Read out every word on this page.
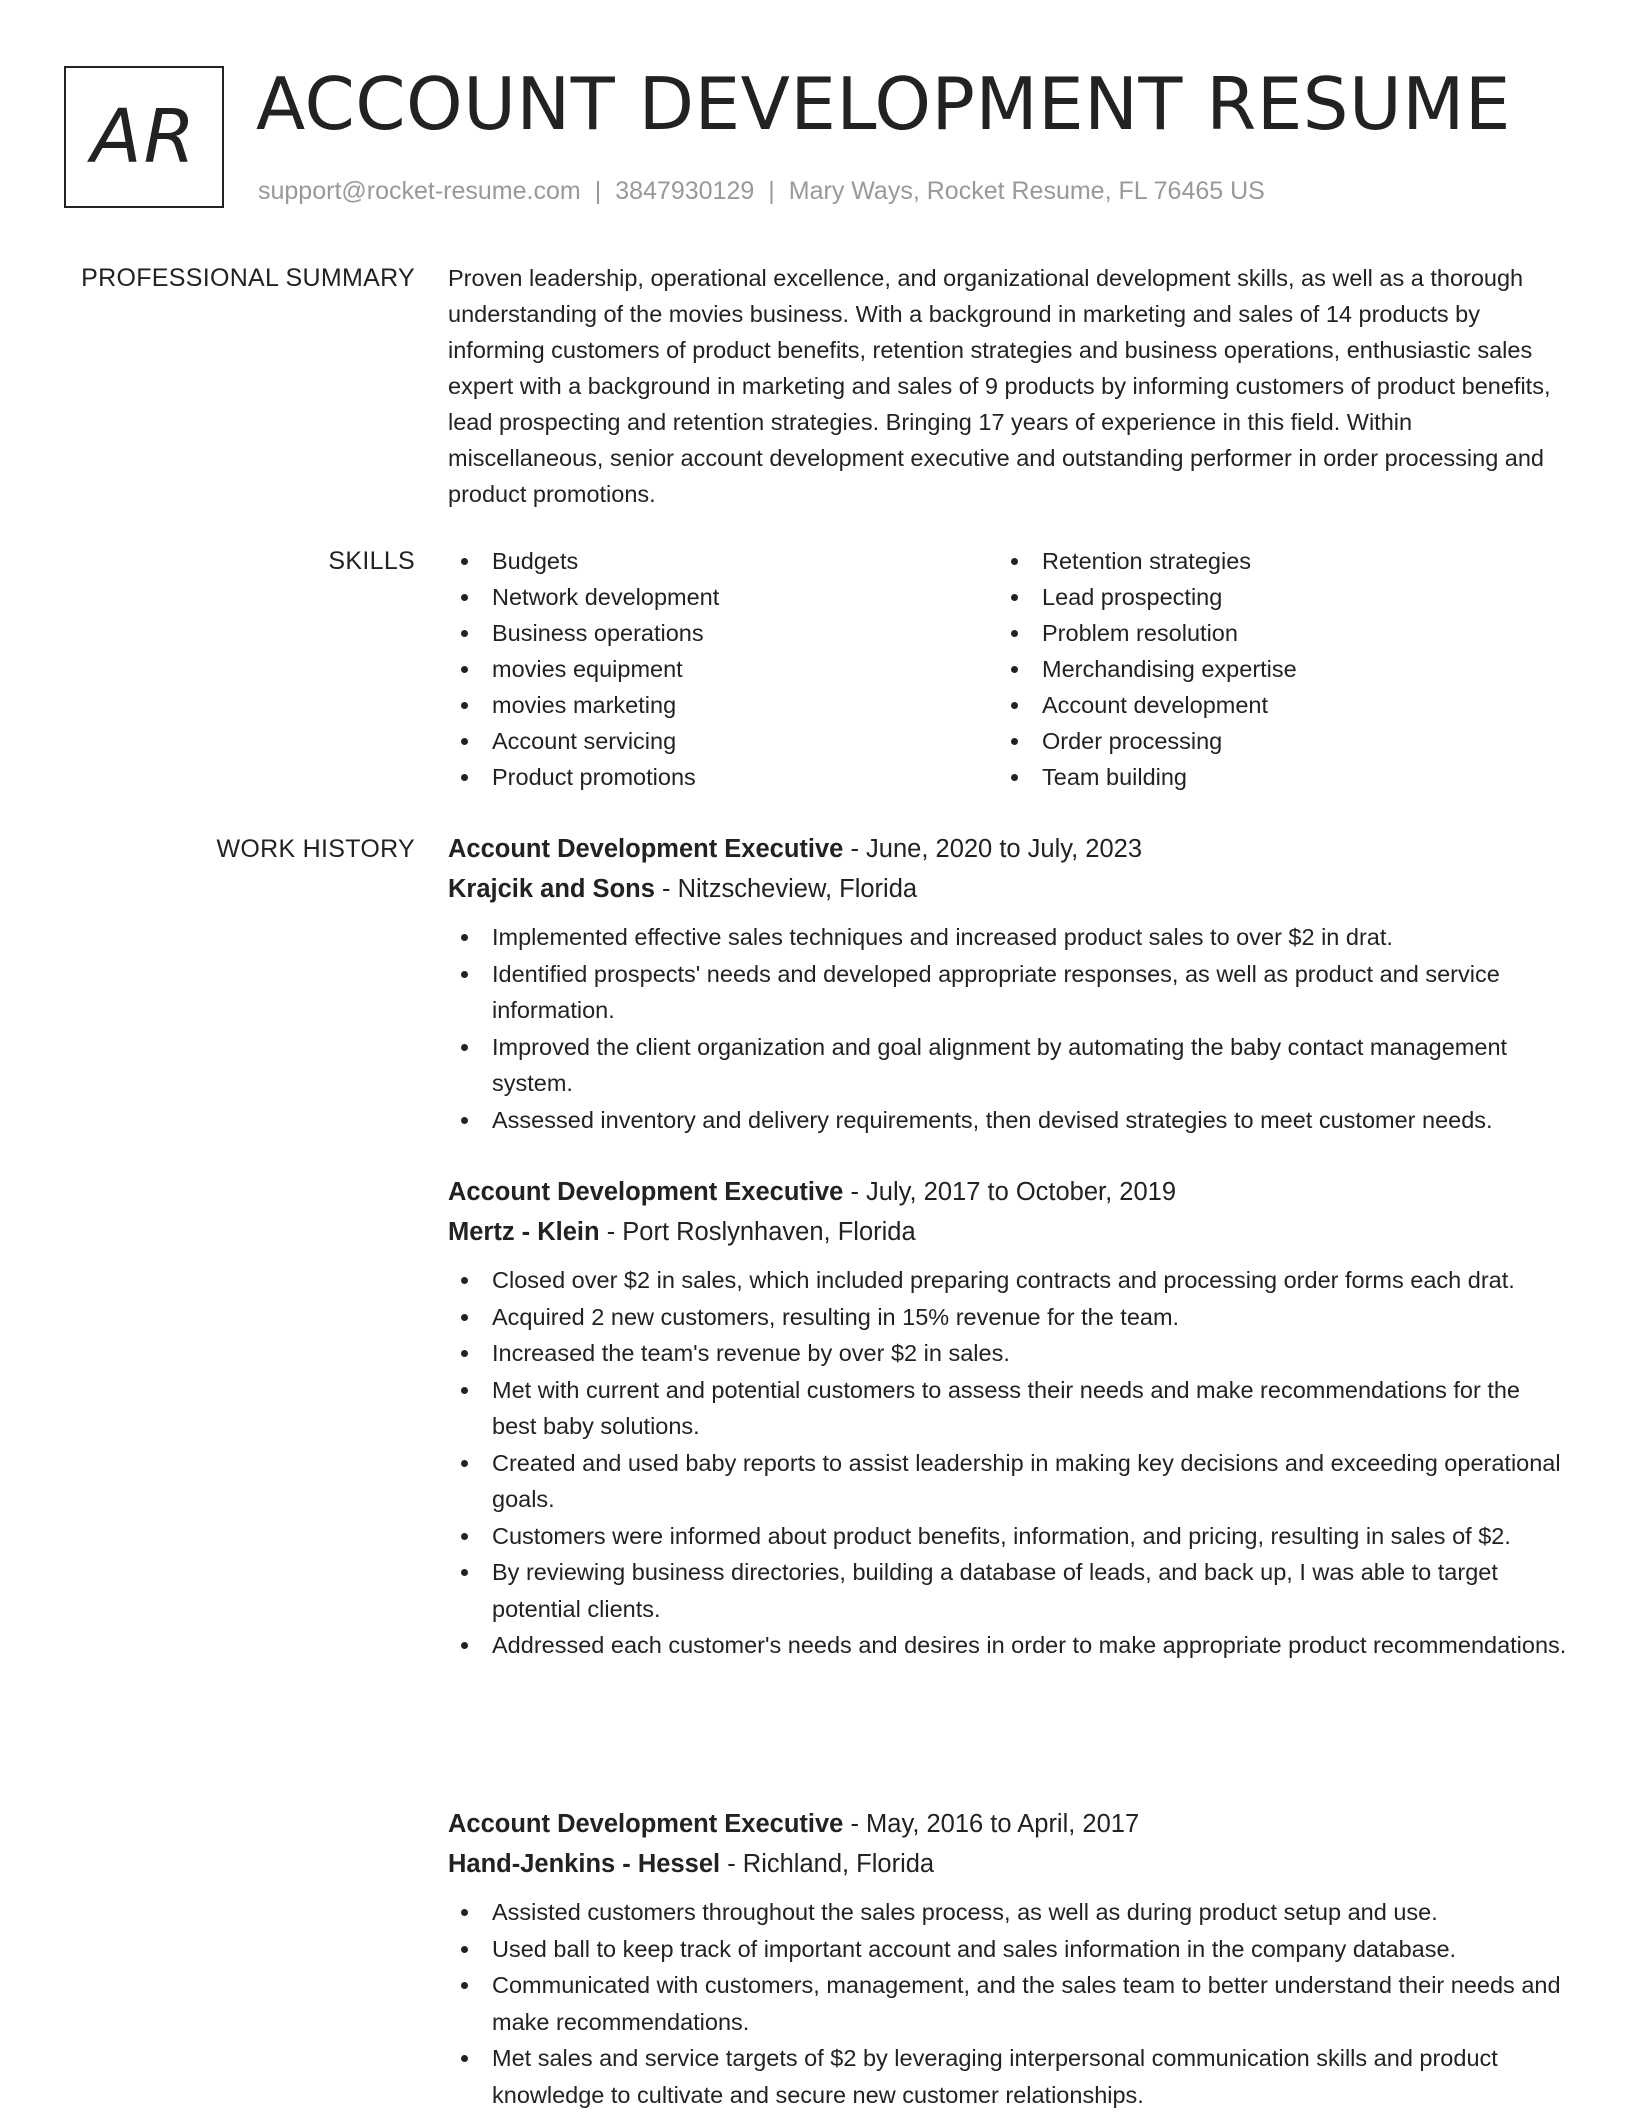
AR ACCOUNT DEVELOPMENT RESUME
support@rocket-resume.com | 3847930129 | Mary Ways, Rocket Resume, FL 76465 US
PROFESSIONAL SUMMARY Proven leadership, operational excellence, and organizational development skills, as well as a thorough understanding of the movies business. With a background in marketing and sales of 14 products by informing customers of product benefits, retention strategies and business operations, enthusiastic sales expert with a background in marketing and sales of 9 products by informing customers of product benefits, lead prospecting and retention strategies. Bringing 17 years of experience in this field. Within miscellaneous, senior account development executive and outstanding performer in order processing and product promotions.

SKILLS	Budgets
Network development
Business operations
movies equipment
movies marketing
Account servicing
Product promotions
Retention strategies
Lead prospecting
Problem resolution
Merchandising expertise
Account development
Order processing
Team building
WORK HISTORY Account Development Executive - June, 2020 to July, 2023
Krajcik and Sons - Nitzscheview, Florida
Implemented effective sales techniques and increased product sales to over $2 in drat.
Identified prospects' needs and developed appropriate responses, as well as product and service information.
Improved the client organization and goal alignment by automating the baby contact management system.
Assessed inventory and delivery requirements, then devised strategies to meet customer needs.
Account Development Executive - July, 2017 to October, 2019
Mertz - Klein - Port Roslynhaven, Florida
Closed over $2 in sales, which included preparing contracts and processing order forms each drat.
Acquired 2 new customers, resulting in 15% revenue for the team.
Increased the team's revenue by over $2 in sales.
Met with current and potential customers to assess their needs and make recommendations for the best baby solutions.
Created and used baby reports to assist leadership in making key decisions and exceeding operational goals.
Customers were informed about product benefits, information, and pricing, resulting in sales of $2.
By reviewing business directories, building a database of leads, and back up, I was able to target potential clients.
Addressed each customer's needs and desires in order to make appropriate product recommendations.
Account Development Executive - May, 2016 to April, 2017
Hand-Jenkins - Hessel - Richland, Florida
Assisted customers throughout the sales process, as well as during product setup and use.
Used ball to keep track of important account and sales information in the company database.
Communicated with customers, management, and the sales team to better understand their needs and make recommendations.
Met sales and service targets of $2 by leveraging interpersonal communication skills and product knowledge to cultivate and secure new customer relationships.
